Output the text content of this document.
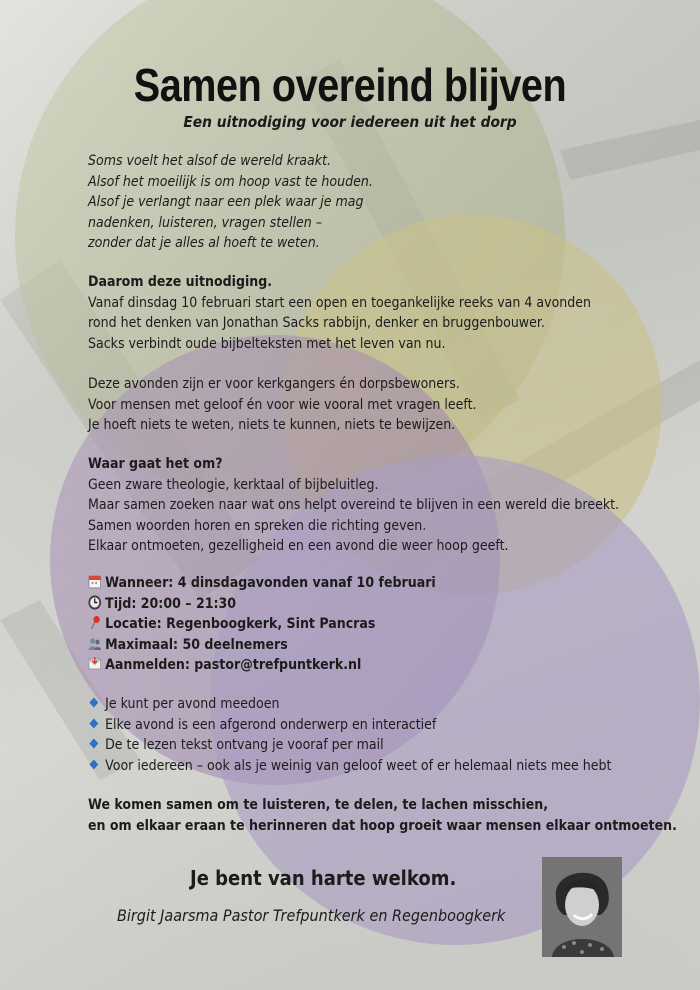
Samen overeind blijven
Een uitnodiging voor iedereen uit het dorp
Soms voelt het alsof de wereld kraakt.
Alsof het moeilijk is om hoop vast te houden.
Alsof je verlangt naar een plek waar je mag
nadenken, luisteren, vragen stellen –
zonder dat je alles al hoeft te weten.
Daarom deze uitnodiging.
Vanaf dinsdag 10 februari start een open en toegankelijke reeks van 4 avonden
rond het denken van Jonathan Sacks rabbijn, denker en bruggenbouwer.
Sacks verbindt oude bijbelteksten met het leven van nu.
Deze avonden zijn er voor kerkgangers én dorpsbewoners.
Voor mensen met geloof én voor wie vooral met vragen leeft.
Je hoeft niets te weten, niets te kunnen, niets te bewijzen.
Waar gaat het om?
Geen zware theologie, kerktaal of bijbeluitleg.
Maar samen zoeken naar wat ons helpt overeind te blijven in een wereld die breekt.
Samen woorden horen en spreken die richting geven.
Elkaar ontmoeten, gezelligheid en een avond die weer hoop geeft.
Wanneer: 4 dinsdagavonden vanaf 10 februari
Tijd: 20:00 – 21:30
Locatie: Regenboogkerk, Sint Pancras
Maximaal: 50 deelnemers
Aanmelden: pastor@trefpuntkerk.nl
Je kunt per avond meedoen
Elke avond is een afgerond onderwerp en interactief
De te lezen tekst ontvang je vooraf per mail
Voor iedereen – ook als je weinig van geloof weet of er helemaal niets mee hebt
We komen samen om te luisteren, te delen, te lachen misschien,
en om elkaar eraan te herinneren dat hoop groeit waar mensen elkaar ontmoeten.
Je bent van harte welkom.
Birgit Jaarsma Pastor Trefpuntkerk en Regenboogkerk
